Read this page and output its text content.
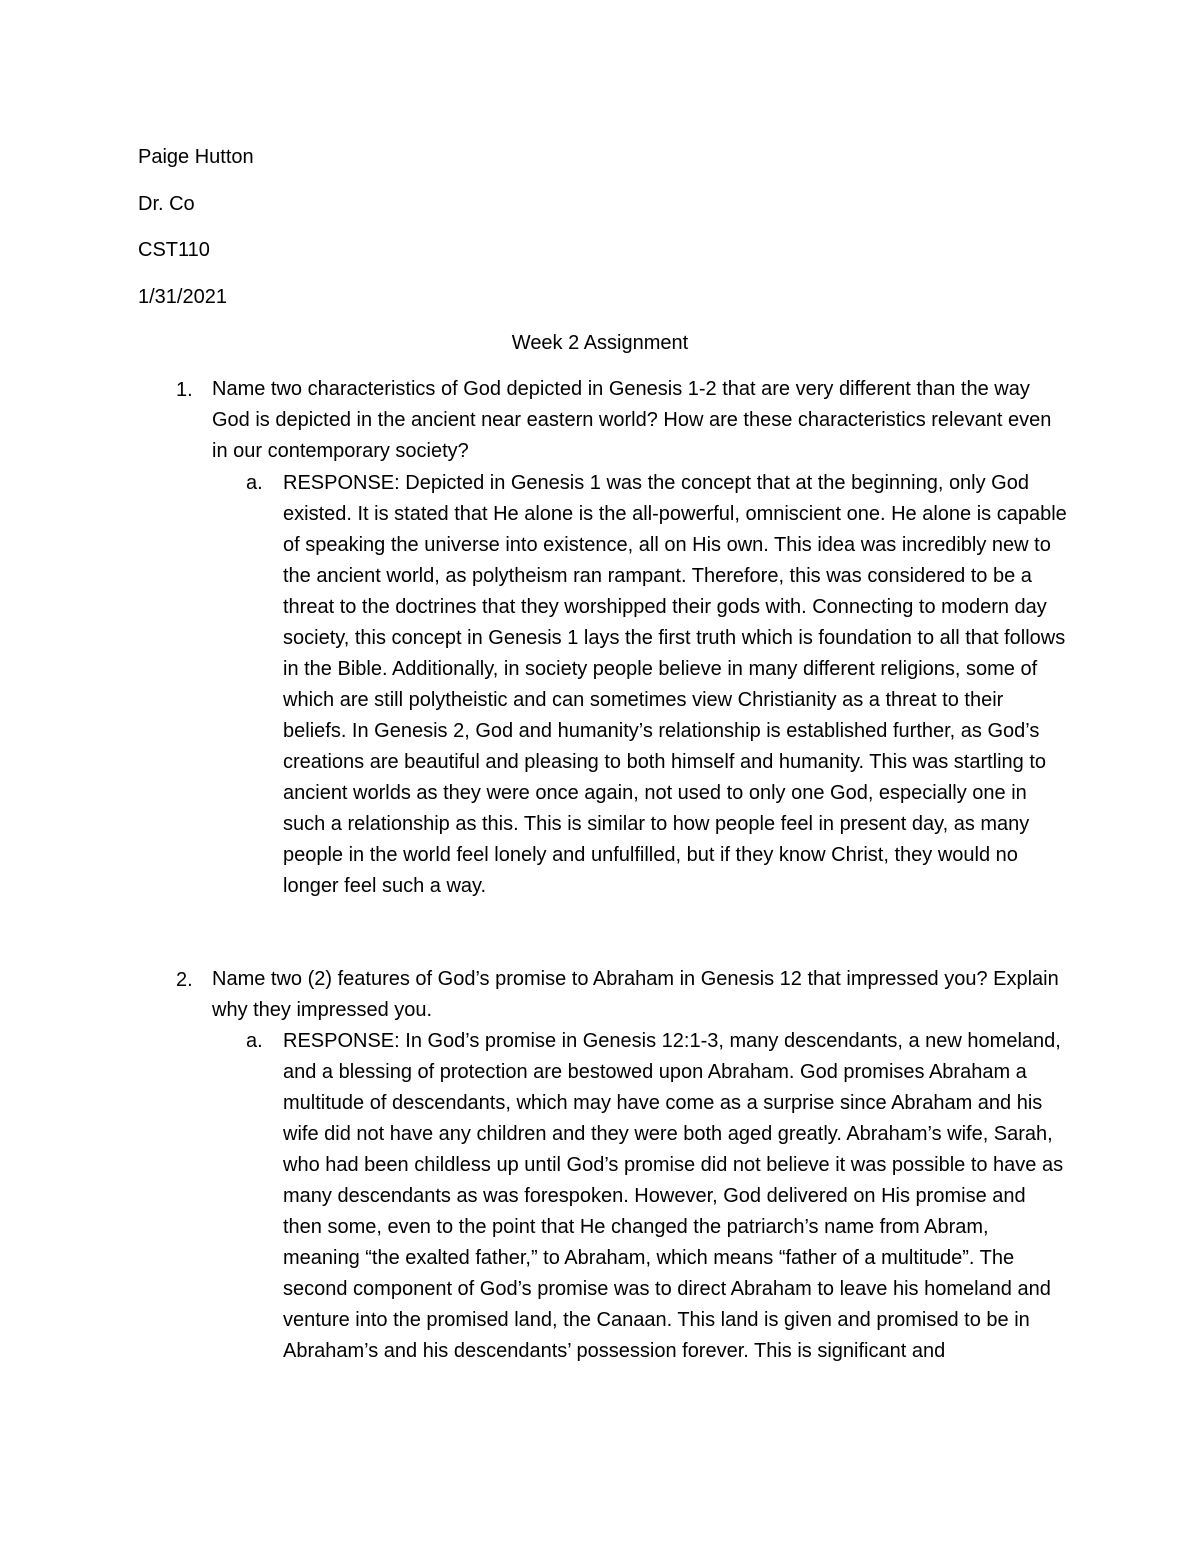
Paige Hutton
Dr. Co
CST110
1/31/2021
Week 2 Assignment
1. Name two characteristics of God depicted in Genesis 1-2 that are very different than the way God is depicted in the ancient near eastern world? How are these characteristics relevant even in our contemporary society?
a. RESPONSE: Depicted in Genesis 1 was the concept that at the beginning, only God existed. It is stated that He alone is the all-powerful, omniscient one. He alone is capable of speaking the universe into existence, all on His own. This idea was incredibly new to the ancient world, as polytheism ran rampant. Therefore, this was considered to be a threat to the doctrines that they worshipped their gods with. Connecting to modern day society, this concept in Genesis 1 lays the first truth which is foundation to all that follows in the Bible. Additionally, in society people believe in many different religions, some of which are still polytheistic and can sometimes view Christianity as a threat to their beliefs. In Genesis 2, God and humanity’s relationship is established further, as God’s creations are beautiful and pleasing to both himself and humanity. This was startling to ancient worlds as they were once again, not used to only one God, especially one in such a relationship as this. This is similar to how people feel in present day, as many people in the world feel lonely and unfulfilled, but if they know Christ, they would no longer feel such a way.
2. Name two (2) features of God’s promise to Abraham in Genesis 12 that impressed you? Explain why they impressed you.
a. RESPONSE: In God’s promise in Genesis 12:1-3, many descendants, a new homeland, and a blessing of protection are bestowed upon Abraham. God promises Abraham a multitude of descendants, which may have come as a surprise since Abraham and his wife did not have any children and they were both aged greatly. Abraham’s wife, Sarah, who had been childless up until God’s promise did not believe it was possible to have as many descendants as was forespoken. However, God delivered on His promise and then some, even to the point that He changed the patriarch’s name from Abram, meaning “the exalted father,” to Abraham, which means “father of a multitude”. The second component of God’s promise was to direct Abraham to leave his homeland and venture into the promised land, the Canaan. This land is given and promised to be in Abraham’s and his descendants’ possession forever. This is significant and
